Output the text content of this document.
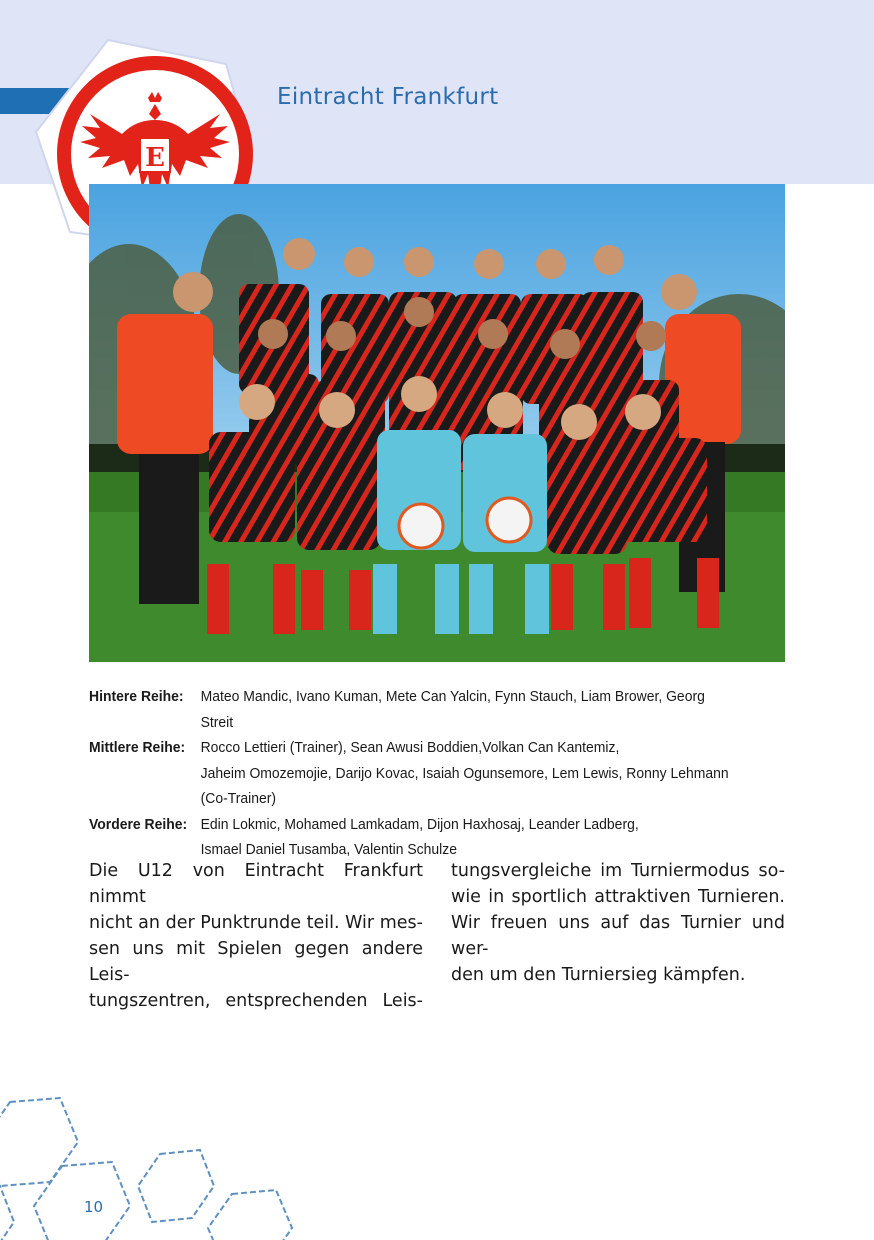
E
Eintracht Frankfurt
Hintere Reihe:	Mateo Mandic, Ivano Kuman, Mete Can Yalcin, Fynn Stauch, Liam Brower, Georg Streit
Mittlere Reihe:	Rocco Lettieri (Trainer), Sean Awusi Boddien,Volkan Can Kantemiz,
Jaheim Omozemojie, Darijo Kovac, Isaiah Ogunsemore, Lem Lewis, Ronny Lehmann
(Co-Trainer)
Vordere Reihe: Edin Lokmic, Mohamed Lamkadam, Dijon Haxhosaj, Leander Ladberg,
Ismael Daniel Tusamba, Valentin Schulze
Die U12 von Eintracht Frankfurt nimmt
nicht an der Punktrunde teil. Wir mes-
sen uns mit Spielen gegen andere Leis-
tungszentren, entsprechenden Leis-
tungsvergleiche im Turniermodus so-
wie in sportlich attraktiven Turnieren.
Wir freuen uns auf das Turnier und wer-
den um den Turniersieg kämpfen.
10
